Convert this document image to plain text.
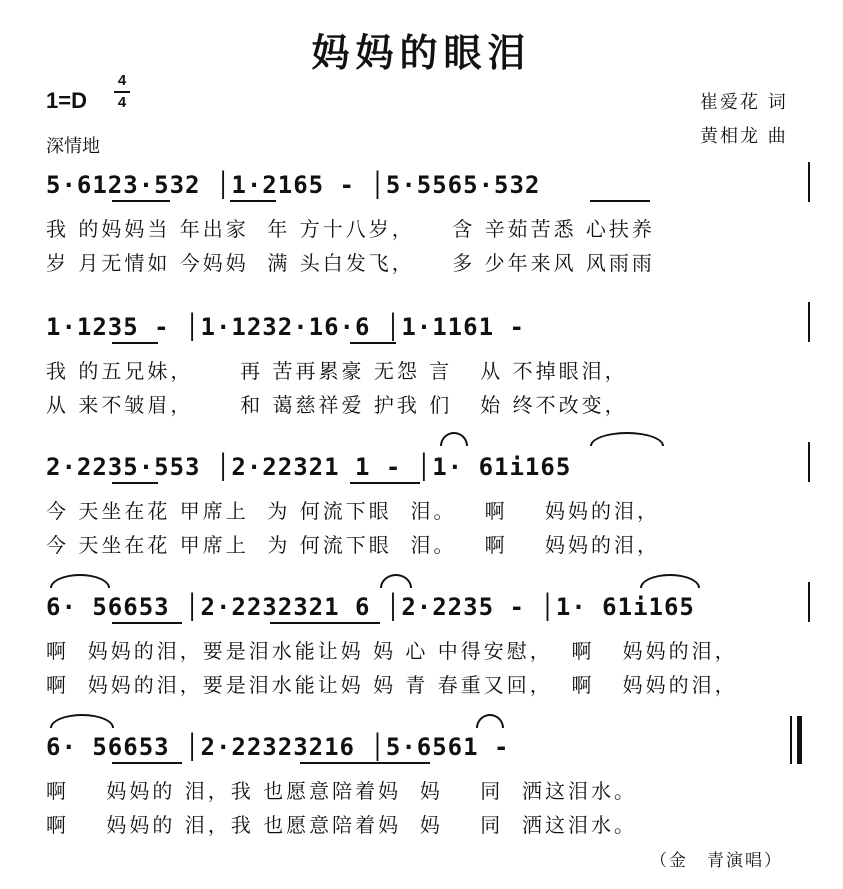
妈妈的眼泪
1=D
4
4
深情地
崔爱花 词
黄相龙 曲
5·6123·532 │1·2165 - │5·5565·532
我 的妈妈当 年出家  年 方十八岁，    含 辛茹苦悉 心扶养
岁 月无情如 今妈妈  满 头白发飞，    多 少年来风 风雨雨
1·1235 - │1·1232·16·6 │1·1161 -
我 的五兄妹，     再 苦再累豪 无怨 言   从 不掉眼泪，
从 来不皱眉，     和 蔼慈祥爱 护我 们   始 终不改变，
2·2235·553 │2·22321 1 - │1· 61i165
今 天坐在花 甲席上  为 何流下眼  泪。   啊    妈妈的泪，
今 天坐在花 甲席上  为 何流下眼  泪。   啊    妈妈的泪，
6· 56653 │2·2232321 6 │2·2235 - │1· 61i165
啊  妈妈的泪，要是泪水能让妈 妈 心 中得安慰，  啊   妈妈的泪，
啊  妈妈的泪，要是泪水能让妈 妈 青 春重又回，  啊   妈妈的泪，
6· 56653 │2·22323216 │5·6561 -
啊    妈妈的 泪，我 也愿意陪着妈  妈    同  洒这泪水。
啊    妈妈的 泪，我 也愿意陪着妈  妈    同  洒这泪水。
（金　青演唱）
